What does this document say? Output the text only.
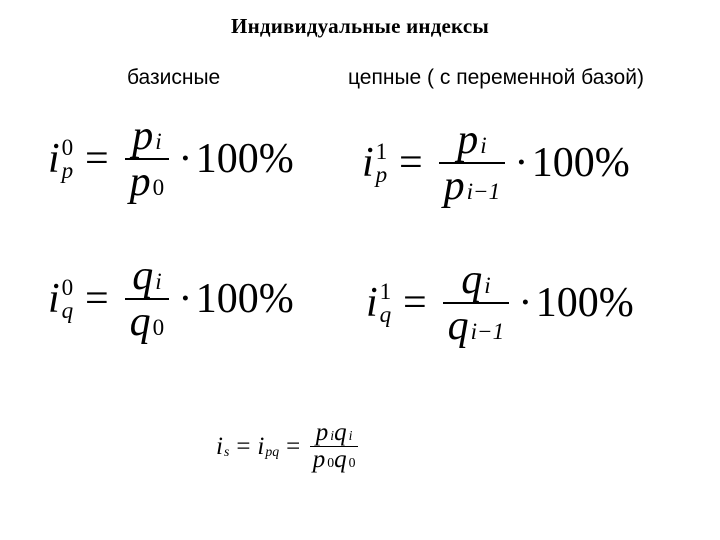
Индивидуальные индексы
базисные	цепные ( с переменной базой)
i 0
$p = \frac{\text{p i}}{p 0} \cdot 100\%$ i 1
$p = \frac{\text{p i}}{\text{p i−1}} \cdot 100\%$
i 0
$q = \frac{\text{q i}}{q 0} \cdot 100\%$ i 1
$q = \frac{\text{q i}}{\text{q i−1}} \cdot 100\%$
i s = i pq = $\frac{\text{p i q i}}{p 0 q 0}$
